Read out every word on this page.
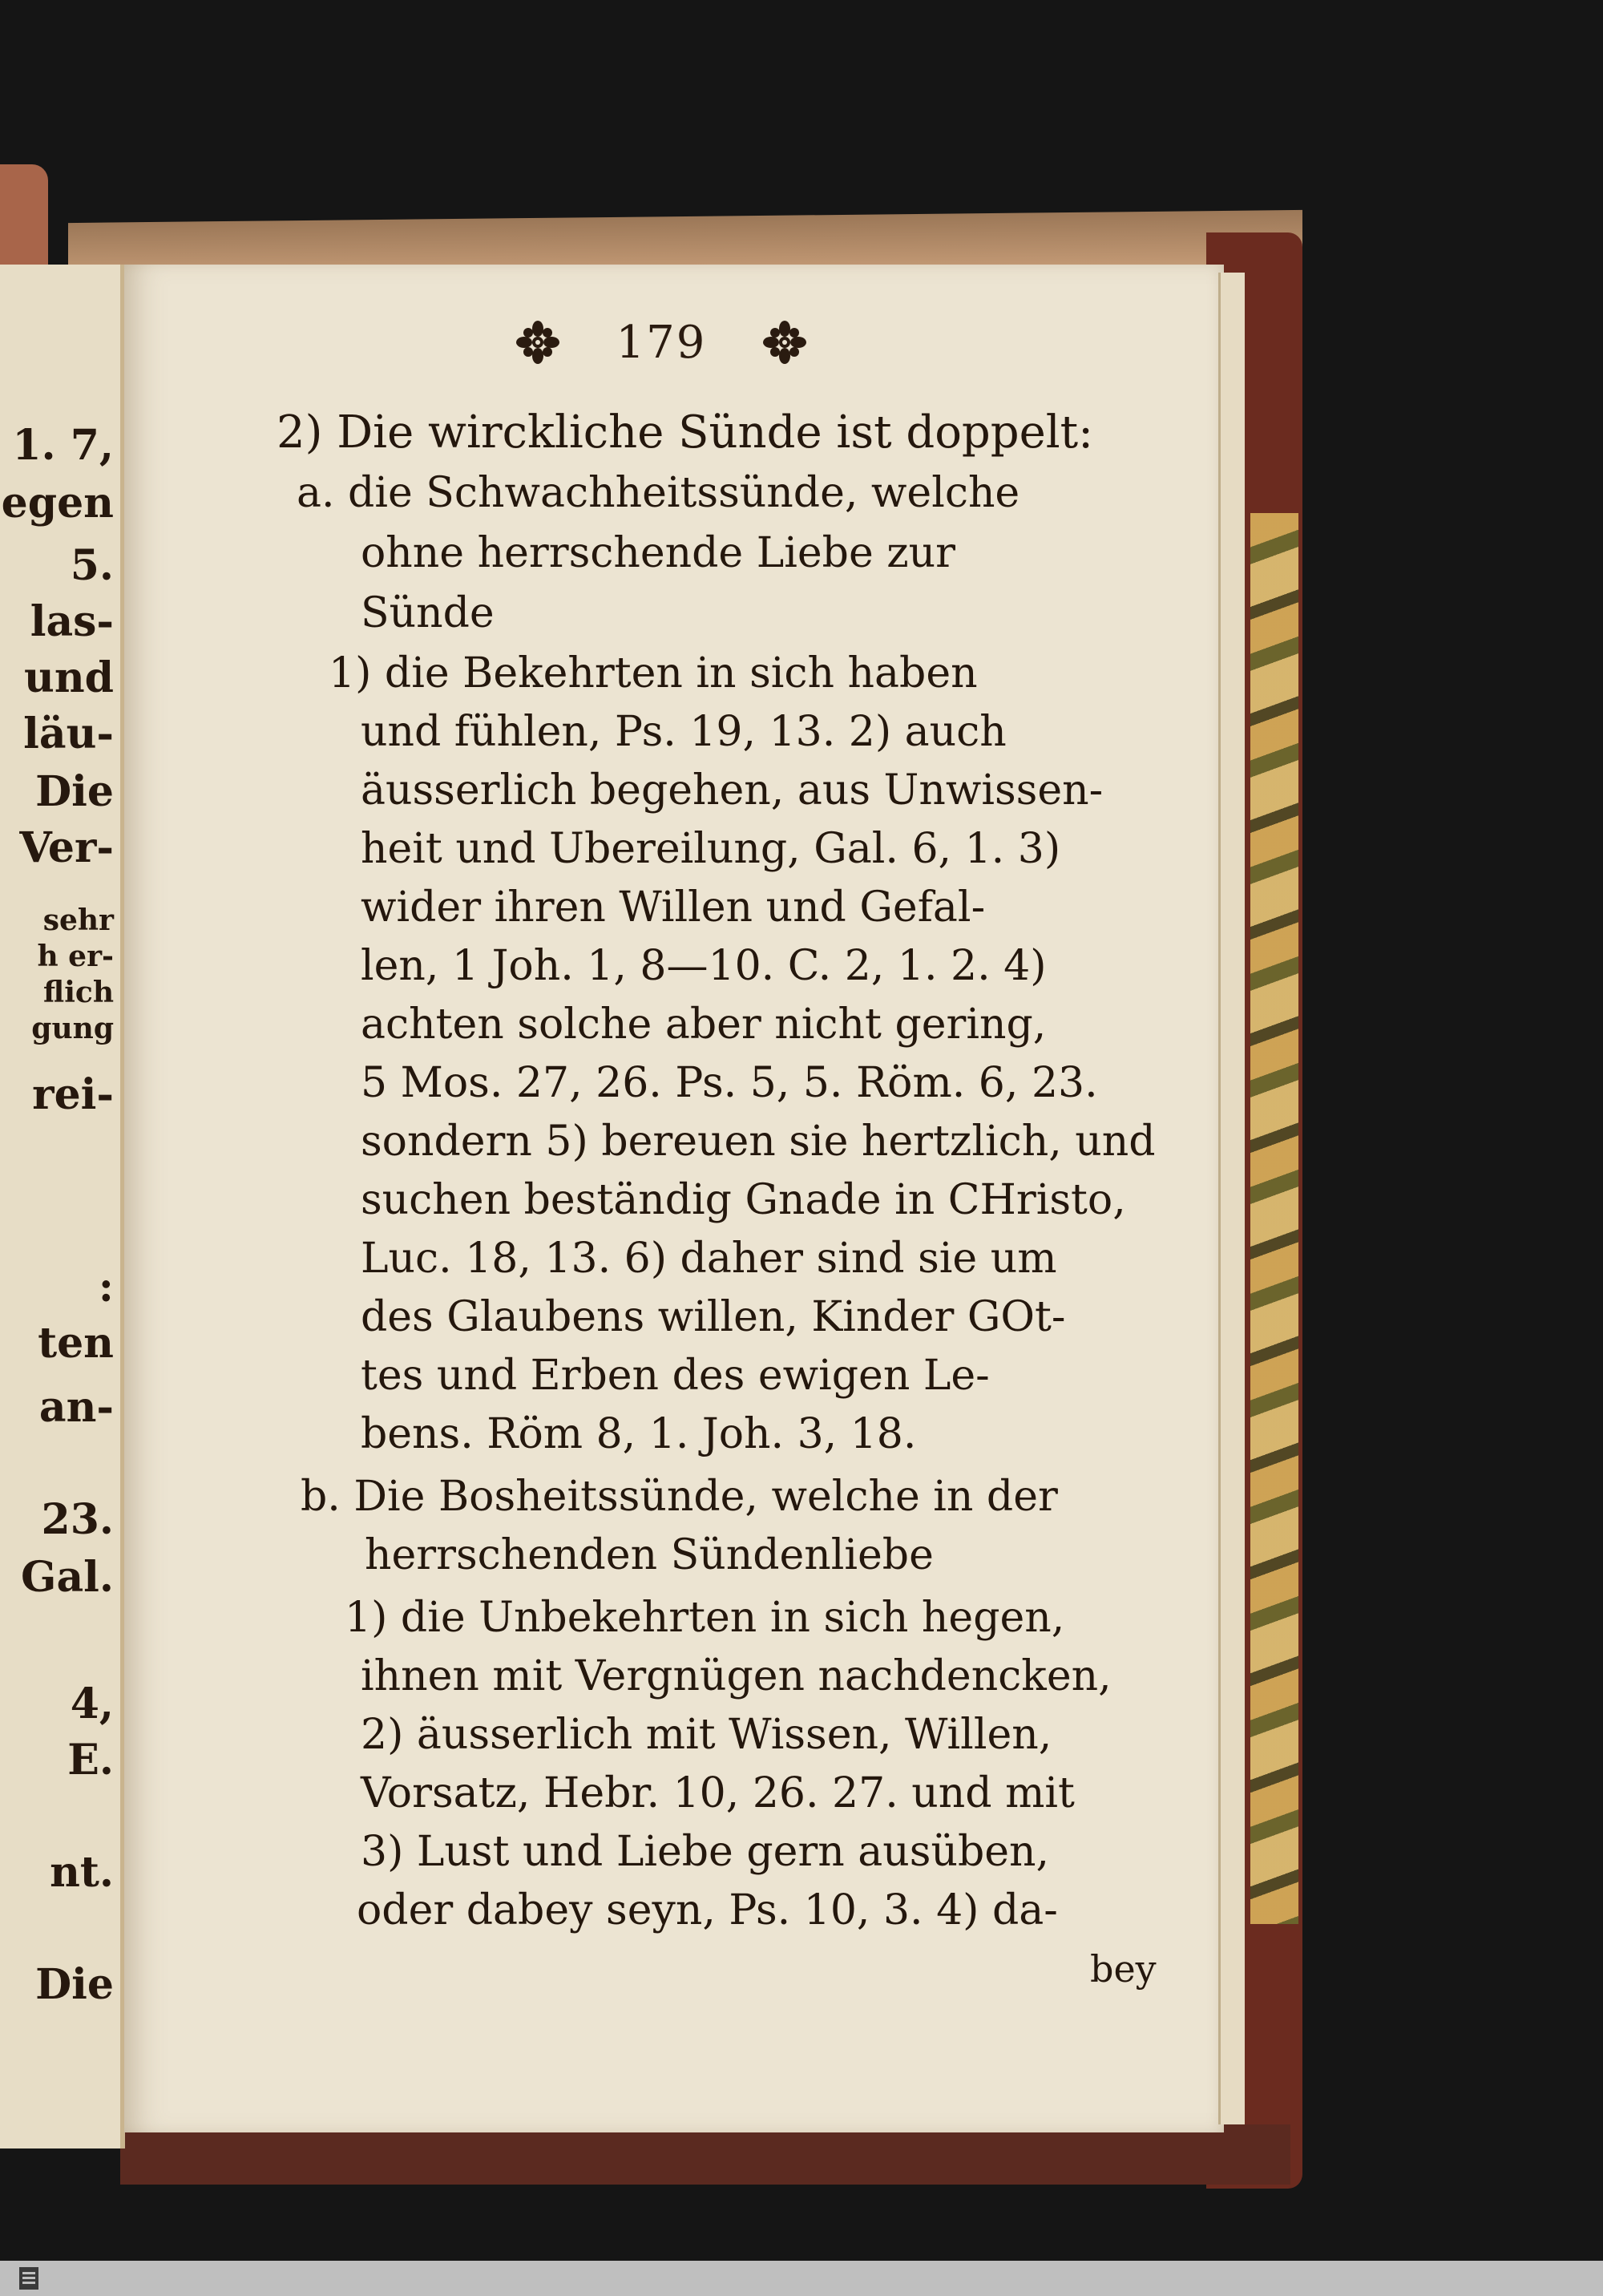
1. 7,
egen
5.
las-
und
läu-
Die
Ver-
sehr
h er-
flich
gung
rei-
:
ten
an-
23.
Gal.
4,
E.
nt.
Die
179
2) Die wirckliche Sünde ist doppelt:
a. die Schwachheitssünde, welche
ohne herrschende Liebe zur
Sünde
1) die Bekehrten in sich haben
und fühlen, Ps. 19, 13. 2) auch
äusserlich begehen, aus Unwissen-
heit und Ubereilung, Gal. 6, 1. 3)
wider ihren Willen und Gefal-
len, 1 Joh. 1, 8—10. C. 2, 1. 2. 4)
achten solche aber nicht gering,
5 Mos. 27, 26. Ps. 5, 5. Röm. 6, 23.
sondern 5) bereuen sie hertzlich, und
suchen beständig Gnade in CHristo,
Luc. 18, 13. 6) daher sind sie um
des Glaubens willen, Kinder GOt-
tes und Erben des ewigen Le-
bens. Röm 8, 1. Joh. 3, 18.
b. Die Bosheitssünde, welche in der
herrschenden Sündenliebe
1) die Unbekehrten in sich hegen,
ihnen mit Vergnügen nachdencken,
2) äusserlich mit Wissen, Willen,
Vorsatz, Hebr. 10, 26. 27. und mit
3) Lust und Liebe gern ausüben,
oder dabey seyn, Ps. 10, 3. 4) da-
bey
